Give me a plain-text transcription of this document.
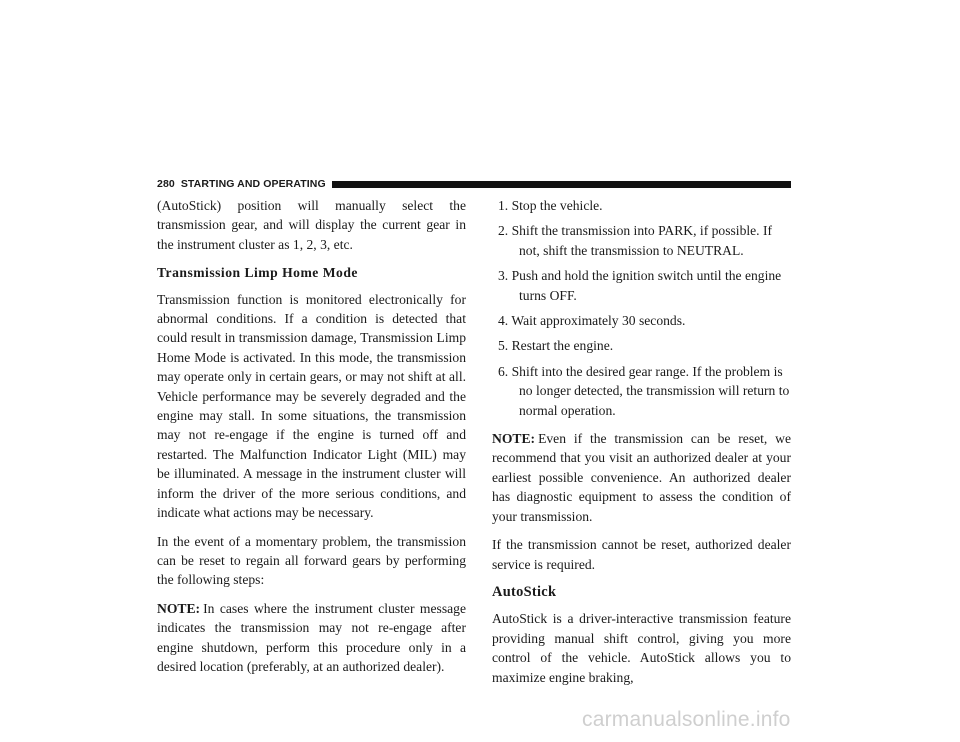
280 STARTING AND OPERATING

(AutoStick) position will manually select the transmission gear, and will display the current gear in the instrument cluster as 1, 2, 3, etc.

Transmission Limp Home Mode

Transmission function is monitored electronically for abnormal conditions. If a condition is detected that could result in transmission damage, Transmission Limp Home Mode is activated. In this mode, the transmission may operate only in certain gears, or may not shift at all. Vehicle performance may be severely degraded and the engine may stall. In some situations, the transmission may not re-engage if the engine is turned off and restarted. The Malfunction Indicator Light (MIL) may be illuminated. A message in the instrument cluster will inform the driver of the more serious conditions, and indicate what actions may be necessary.

In the event of a momentary problem, the transmission can be reset to regain all forward gears by performing the following steps:

NOTE: In cases where the instrument cluster message indicates the transmission may not re-engage after engine shutdown, perform this procedure only in a desired location (preferably, at an authorized dealer).

1. Stop the vehicle.
2. Shift the transmission into PARK, if possible. If not, shift the transmission to NEUTRAL.
3. Push and hold the ignition switch until the engine turns OFF.
4. Wait approximately 30 seconds.
5. Restart the engine.
6. Shift into the desired gear range. If the problem is no longer detected, the transmission will return to normal operation.

NOTE: Even if the transmission can be reset, we recommend that you visit an authorized dealer at your earliest possible convenience. An authorized dealer has diagnostic equipment to assess the condition of your transmission.

If the transmission cannot be reset, authorized dealer service is required.

AutoStick

AutoStick is a driver-interactive transmission feature providing manual shift control, giving you more control of the vehicle. AutoStick allows you to maximize engine braking,

carmanualsonline.info
